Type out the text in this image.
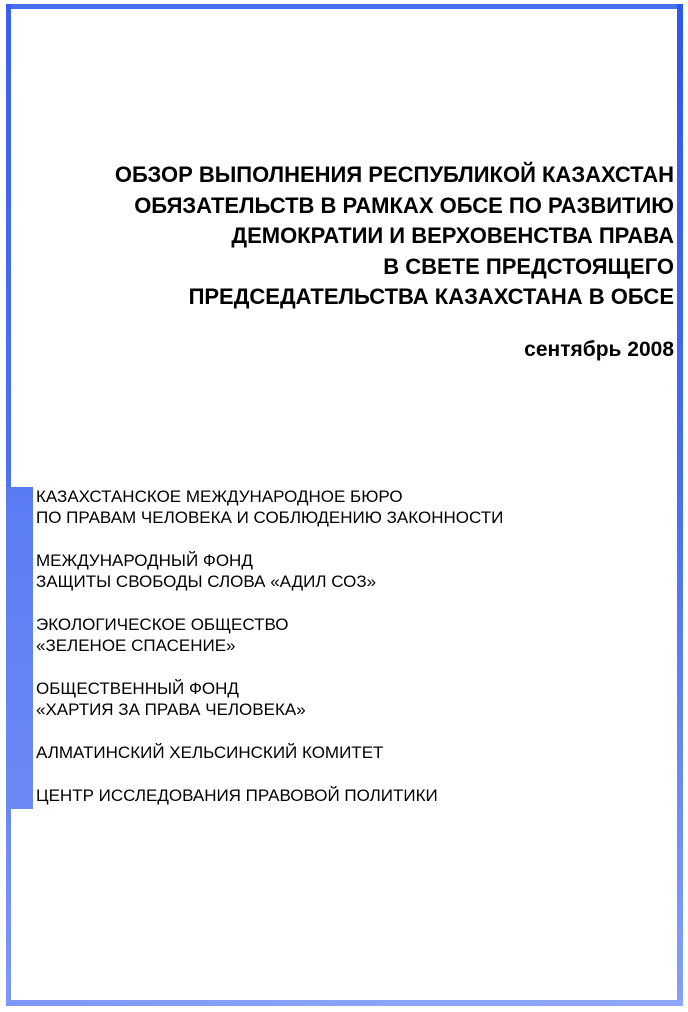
ОБЗОР ВЫПОЛНЕНИЯ РЕСПУБЛИКОЙ КАЗАХСТАН
ОБЯЗАТЕЛЬСТВ В РАМКАХ ОБСЕ ПО РАЗВИТИЮ
ДЕМОКРАТИИ И ВЕРХОВЕНСТВА ПРАВА
В СВЕТЕ ПРЕДСТОЯЩЕГО
ПРЕДСЕДАТЕЛЬСТВА КАЗАХСТАНА В ОБСЕ
сентябрь 2008
КАЗАХСТАНСКОЕ МЕЖДУНАРОДНОЕ БЮРО
ПО ПРАВАМ ЧЕЛОВЕКА И СОБЛЮДЕНИЮ ЗАКОННОСТИ
МЕЖДУНАРОДНЫЙ ФОНД
ЗАЩИТЫ СВОБОДЫ СЛОВА «АДИЛ СОЗ»
ЭКОЛОГИЧЕСКОЕ ОБЩЕСТВО
«ЗЕЛЕНОЕ СПАСЕНИЕ»
ОБЩЕСТВЕННЫЙ ФОНД
«ХАРТИЯ ЗА ПРАВА ЧЕЛОВЕКА»
АЛМАТИНСКИЙ ХЕЛЬСИНСКИЙ КОМИТЕТ
ЦЕНТР ИССЛЕДОВАНИЯ ПРАВОВОЙ ПОЛИТИКИ
